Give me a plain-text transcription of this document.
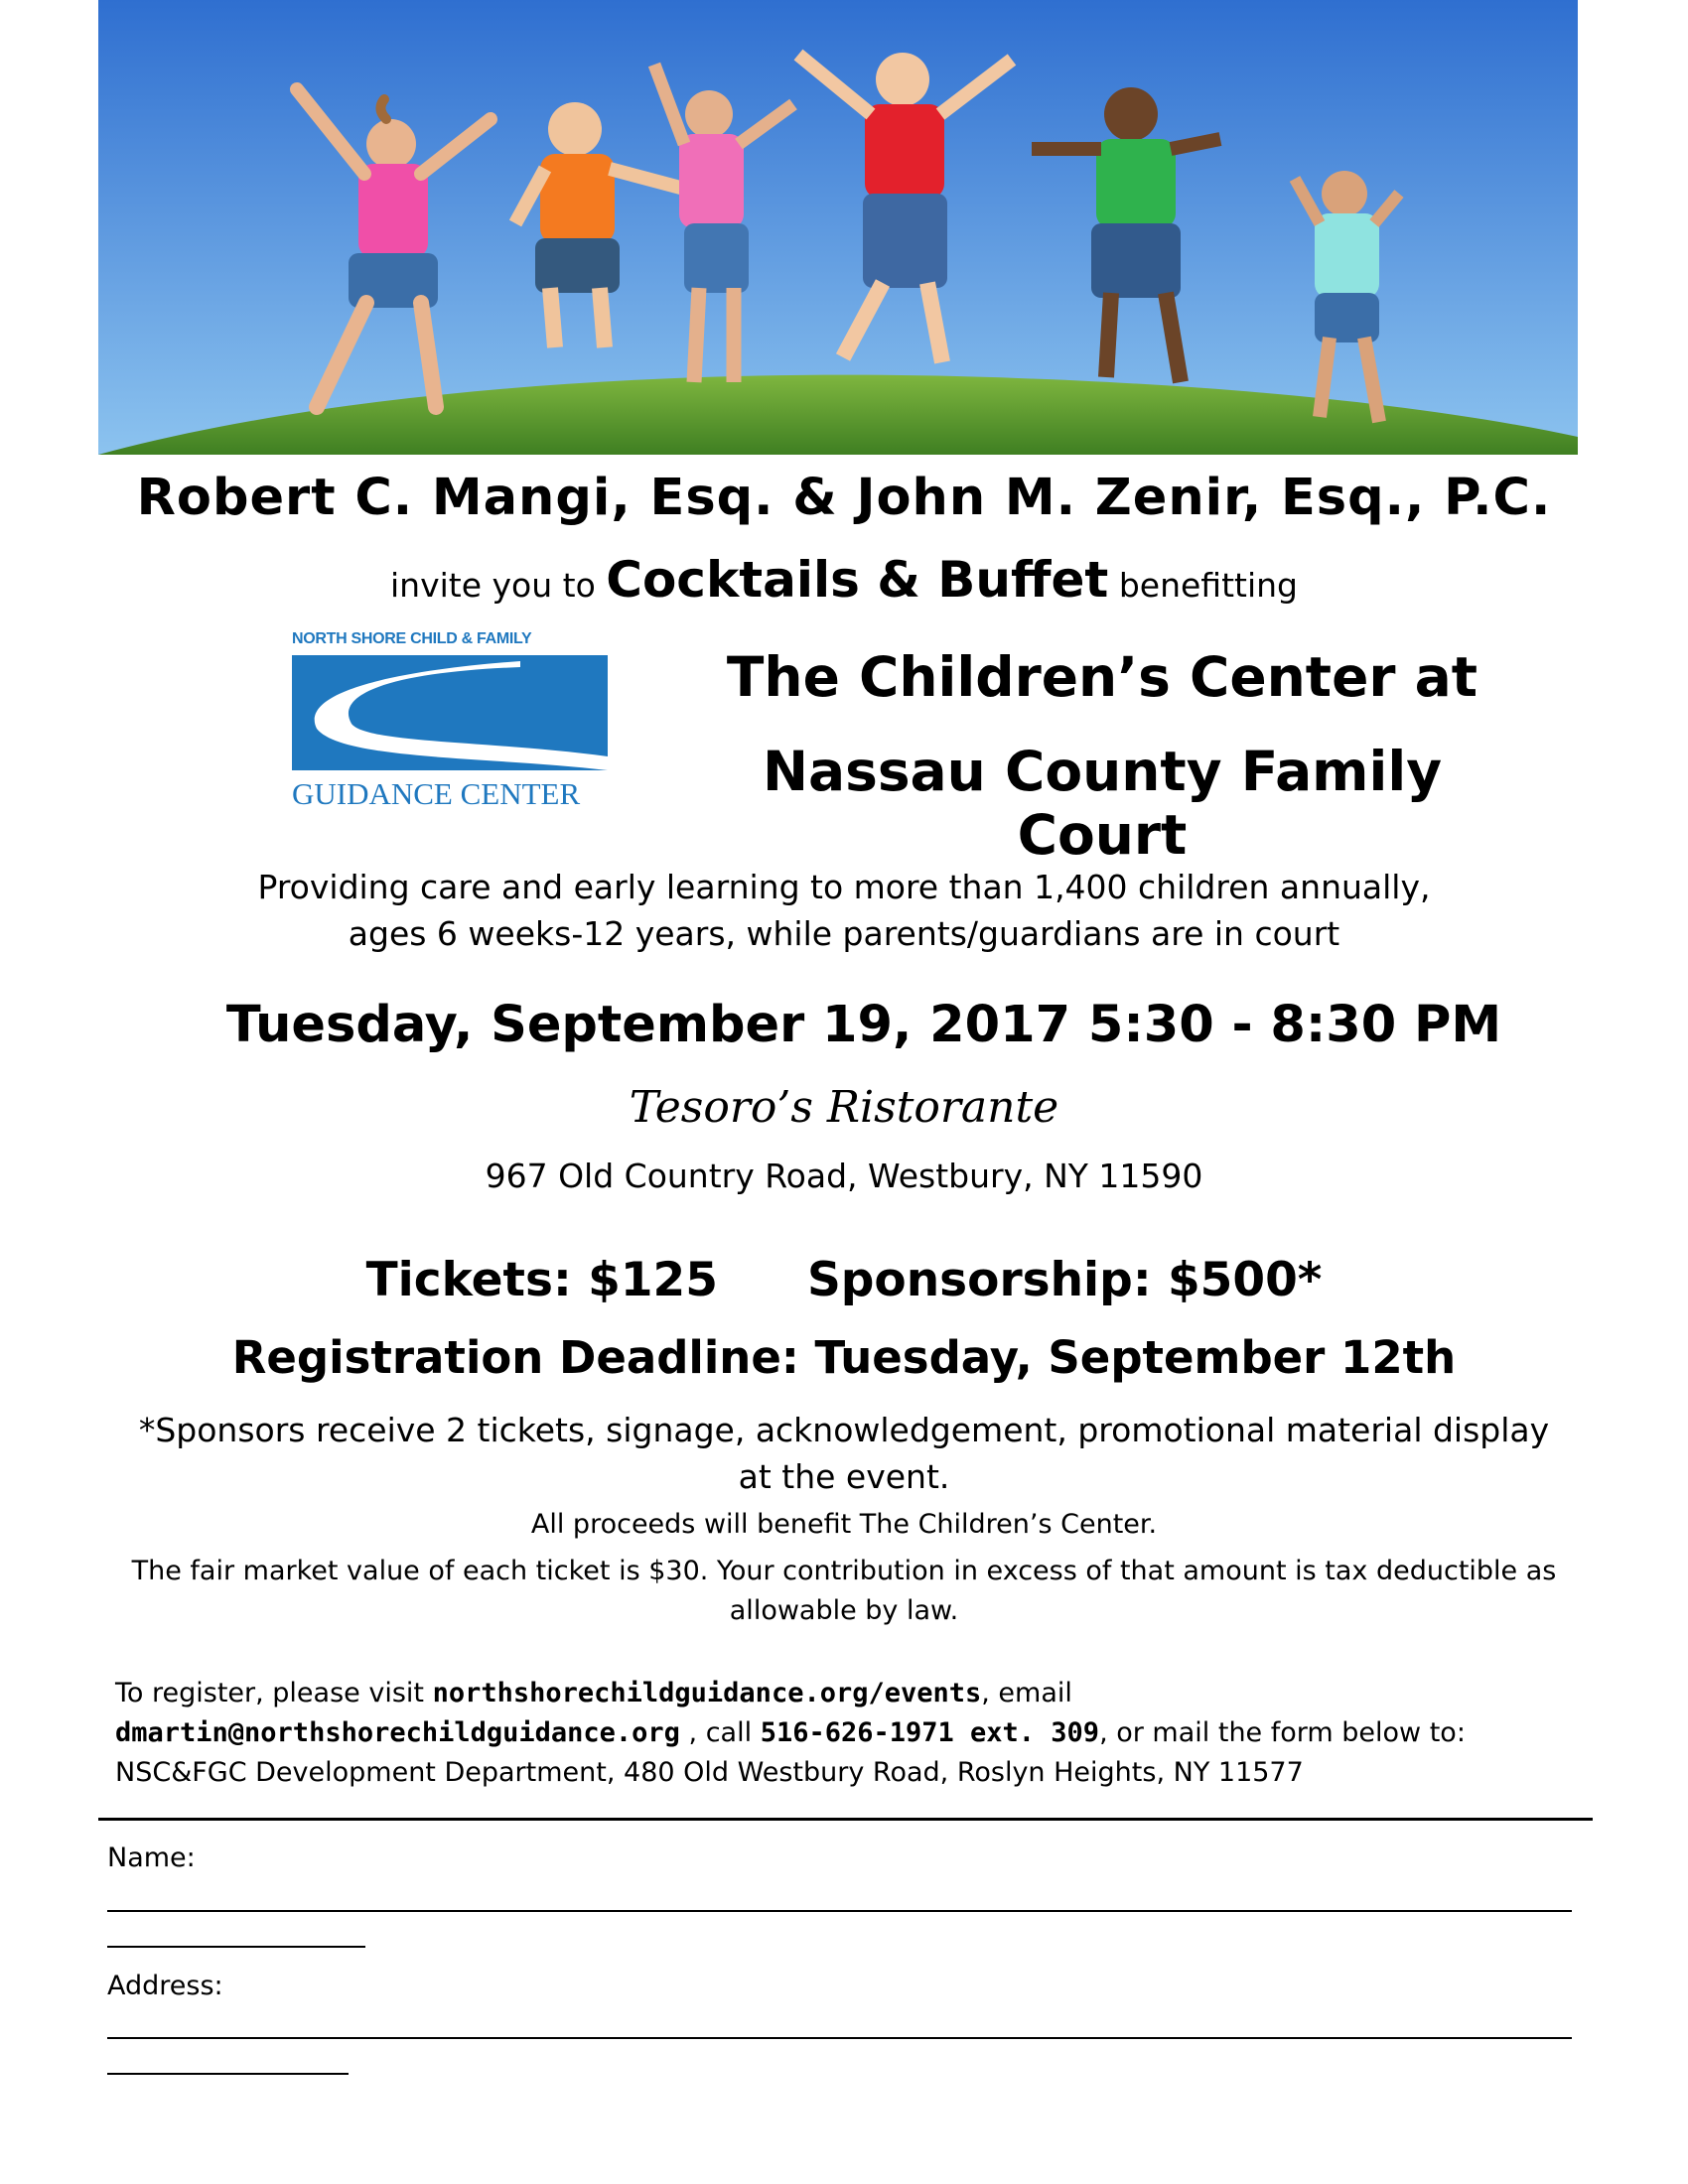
Robert C. Mangi, Esq. & John M. Zenir, Esq., P.C.
invite you to Cocktails & Buffet benefitting
NORTH SHORE CHILD & FAMILY
GUIDANCE CENTER
The Children’s Center at
Nassau County Family Court
Providing care and early learning to more than 1,400 children annually,
ages 6 weeks-12 years, while parents/guardians are in court
Tuesday, September 19, 2017 5:30 - 8:30 PM
Tesoro’s Ristorante
967 Old Country Road, Westbury, NY 11590
Tickets: $125 Sponsorship: $500*
Registration Deadline: Tuesday, September 12th
*Sponsors receive 2 tickets, signage, acknowledgement, promotional material display at the event.
All proceeds will benefit The Children’s Center.
The fair market value of each ticket is $30. Your contribution in excess of that amount is tax deductible as allowable by law.
To register, please visit northshorechildguidance.org/events, email dmartin@northshorechildguidance.org , call 516-626-1971 ext. 309, or mail the form below to: NSC&FGC Development Department, 480 Old Westbury Road, Roslyn Heights, NY 11577
Name:
Address:
